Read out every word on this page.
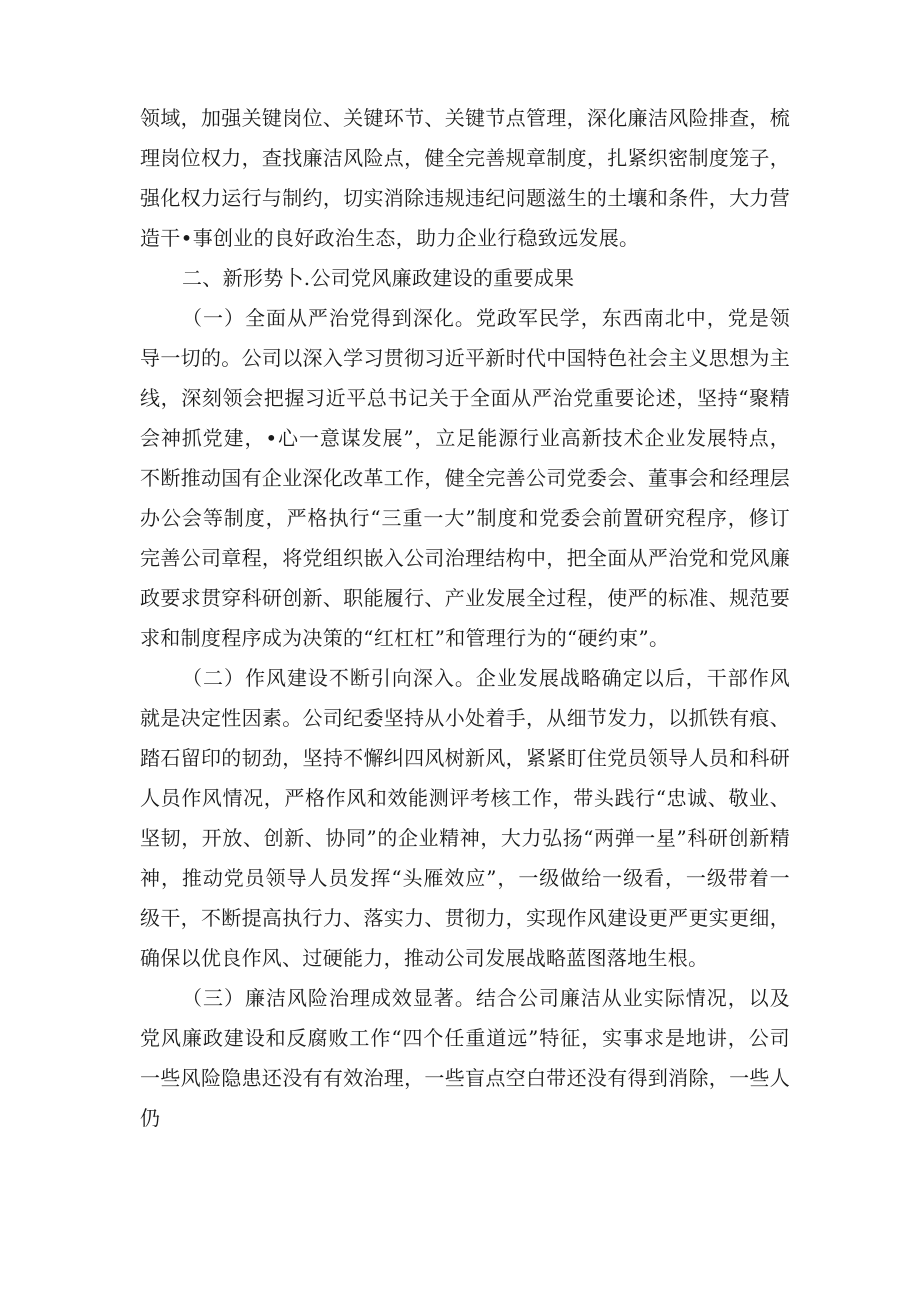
领域，加强关键岗位、关键环节、关键节点管理，深化廉洁风险排查，梳理岗位权力，查找廉洁风险点，健全完善规章制度，扎紧织密制度笼子，强化权力运行与制约，切实消除违规违纪问题滋生的土壤和条件，大力营造干•事创业的良好政治生态，助力企业行稳致远发展。

二、新形势卜.公司党风廉政建设的重要成果

（一）全面从严治党得到深化。党政军民学，东西南北中，党是领导一切的。公司以深入学习贯彻习近平新时代中国特色社会主义思想为主线，深刻领会把握习近平总书记关于全面从严治党重要论述，坚持“聚精会神抓党建，•心一意谋发展”，立足能源行业高新技术企业发展特点，不断推动国有企业深化改革工作，健全完善公司党委会、董事会和经理层办公会等制度，严格执行“三重一大”制度和党委会前置研究程序，修订完善公司章程，将党组织嵌入公司治理结构中，把全面从严治党和党风廉政要求贯穿科研创新、职能履行、产业发展全过程，使严的标准、规范要求和制度程序成为决策的“红杠杠”和管理行为的“硬约束”。

（二）作风建设不断引向深入。企业发展战略确定以后，干部作风就是决定性因素。公司纪委坚持从小处着手，从细节发力，以抓铁有痕、踏石留印的韧劲，坚持不懈纠四风树新风，紧紧盯住党员领导人员和科研人员作风情况，严格作风和效能测评考核工作，带头践行“忠诚、敬业、坚韧，开放、创新、协同”的企业精神，大力弘扬“两弹一星”科研创新精神，推动党员领导人员发挥“头雁效应”，一级做给一级看，一级带着一级干，不断提高执行力、落实力、贯彻力，实现作风建设更严更实更细，确保以优良作风、过硬能力，推动公司发展战略蓝图落地生根。

（三）廉洁风险治理成效显著。结合公司廉洁从业实际情况，以及党风廉政建设和反腐败工作“四个任重道远”特征，实事求是地讲，公司一些风险隐患还没有有效治理，一些盲点空白带还没有得到消除，一些人仍
